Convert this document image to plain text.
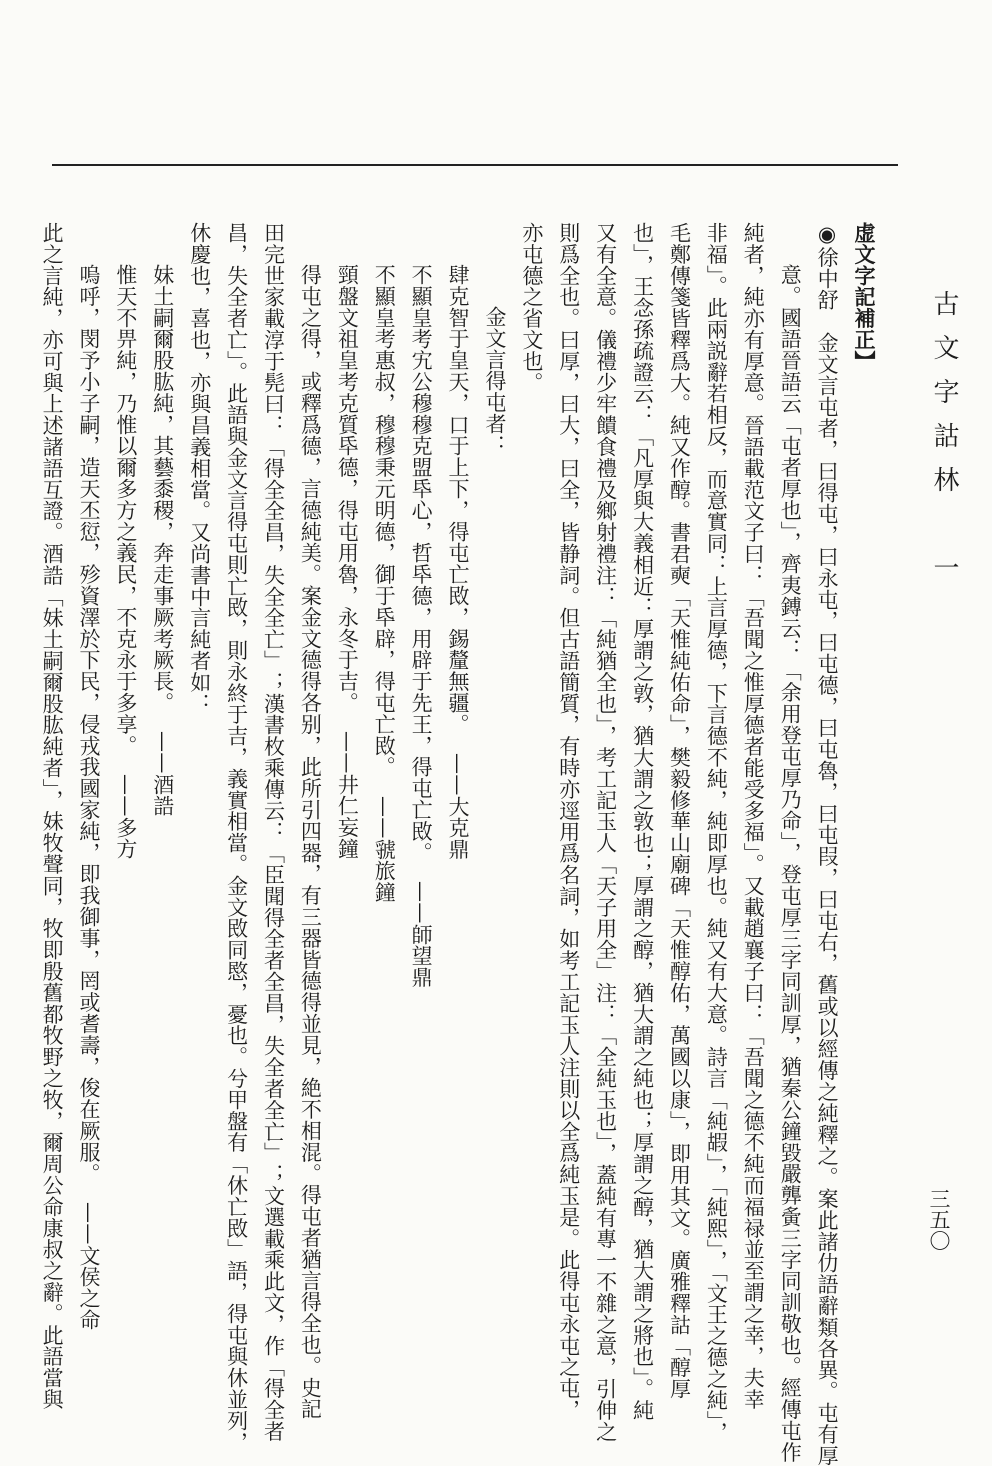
古文字詁林　一
三五〇
虚文字記補正】
◉徐中舒　金文言屯者，曰得屯，曰永屯，曰屯德，曰屯魯，曰屯叚，曰屯右，舊或以經傳之純釋之。案此諸仂語辭類各異。屯有厚
意。國語晉語云「屯者厚也」，齊夷鎛云：「余用登屯厚乃命」，登屯厚三字同訓厚，猶秦公鐘毀嚴龏夤三字同訓敬也。經傳屯作
純者，純亦有厚意。晉語載范文子曰：「吾聞之惟厚德者能受多福」。又載趙襄子曰：「吾聞之德不純而福禄並至謂之幸，夫幸
非福」。此兩説辭若相反，而意實同：上言厚德，下言德不純，純即厚也。純又有大意。詩言「純嘏」，「純熙」，「文王之德之純」，
毛鄭傳箋皆釋爲大。純又作醇。書君奭「天惟純佑命」，樊毅修華山廟碑「天惟醇佑，萬國以康」，即用其文。廣雅釋詁「醇厚
也」，王念孫疏證云：「凡厚與大義相近：厚謂之敦，猶大謂之敦也；厚謂之醇，猶大謂之純也；厚謂之醇，猶大謂之將也」。純
又有全意。儀禮少牢饋食禮及鄉射禮注：「純猶全也」，考工記玉人「天子用全」注：「全純玉也」，蓋純有專一不雜之意，引伸之
則爲全也。曰厚，曰大，曰全，皆静詞。但古語簡質，有時亦逕用爲名詞，如考工記玉人注則以全爲純玉是。此得屯永屯之屯，
亦屯德之省文也。
金文言得屯者：
肆克智于皇天，口于上下，得屯亡敃，錫釐無疆。——大克鼎
不顯皇考宄公穆穆克盟氒心，哲氒德，用辟于先王，得屯亡敃。——師望鼎
不顯皇考惠叔，穆穆秉元明德，御于氒辟，得屯亡敃。——虢旅鐘
頸盤文祖皇考克質氒德，得屯用魯，永冬于吉。——井仁妄鐘
得屯之得，或釋爲德，言德純美。案金文德得各别，此所引四器，有三器皆德得並見，絶不相混。得屯者猶言得全也。史記
田完世家載淳于髡曰：「得全全昌，失全全亡」；漢書枚乘傳云：「臣聞得全者全昌，失全者全亡」；文選載乘此文，作「得全者
昌，失全者亡」。此語與金文言得屯則亡敃，則永終于吉，義實相當。金文敃同愍，憂也。兮甲盤有「休亡敃」語，得屯與休並列，
休慶也，喜也，亦與昌義相當。又尚書中言純者如：
妹土嗣爾股肱純，其藝黍稷，奔走事厥考厥長。——酒誥
惟天不畀純，乃惟以爾多方之義民，不克永于多享。——多方
嗚呼，閔予小子嗣，造天丕愆，殄資澤於下民，侵戎我國家純，即我御事，罔或耆壽，俊在厥服。——文侯之命
此之言純，亦可與上述諸語互證。酒誥「妹土嗣爾股肱純者」，妹牧聲同，牧即殷舊都牧野之牧，爾周公命康叔之辭。此語當與
